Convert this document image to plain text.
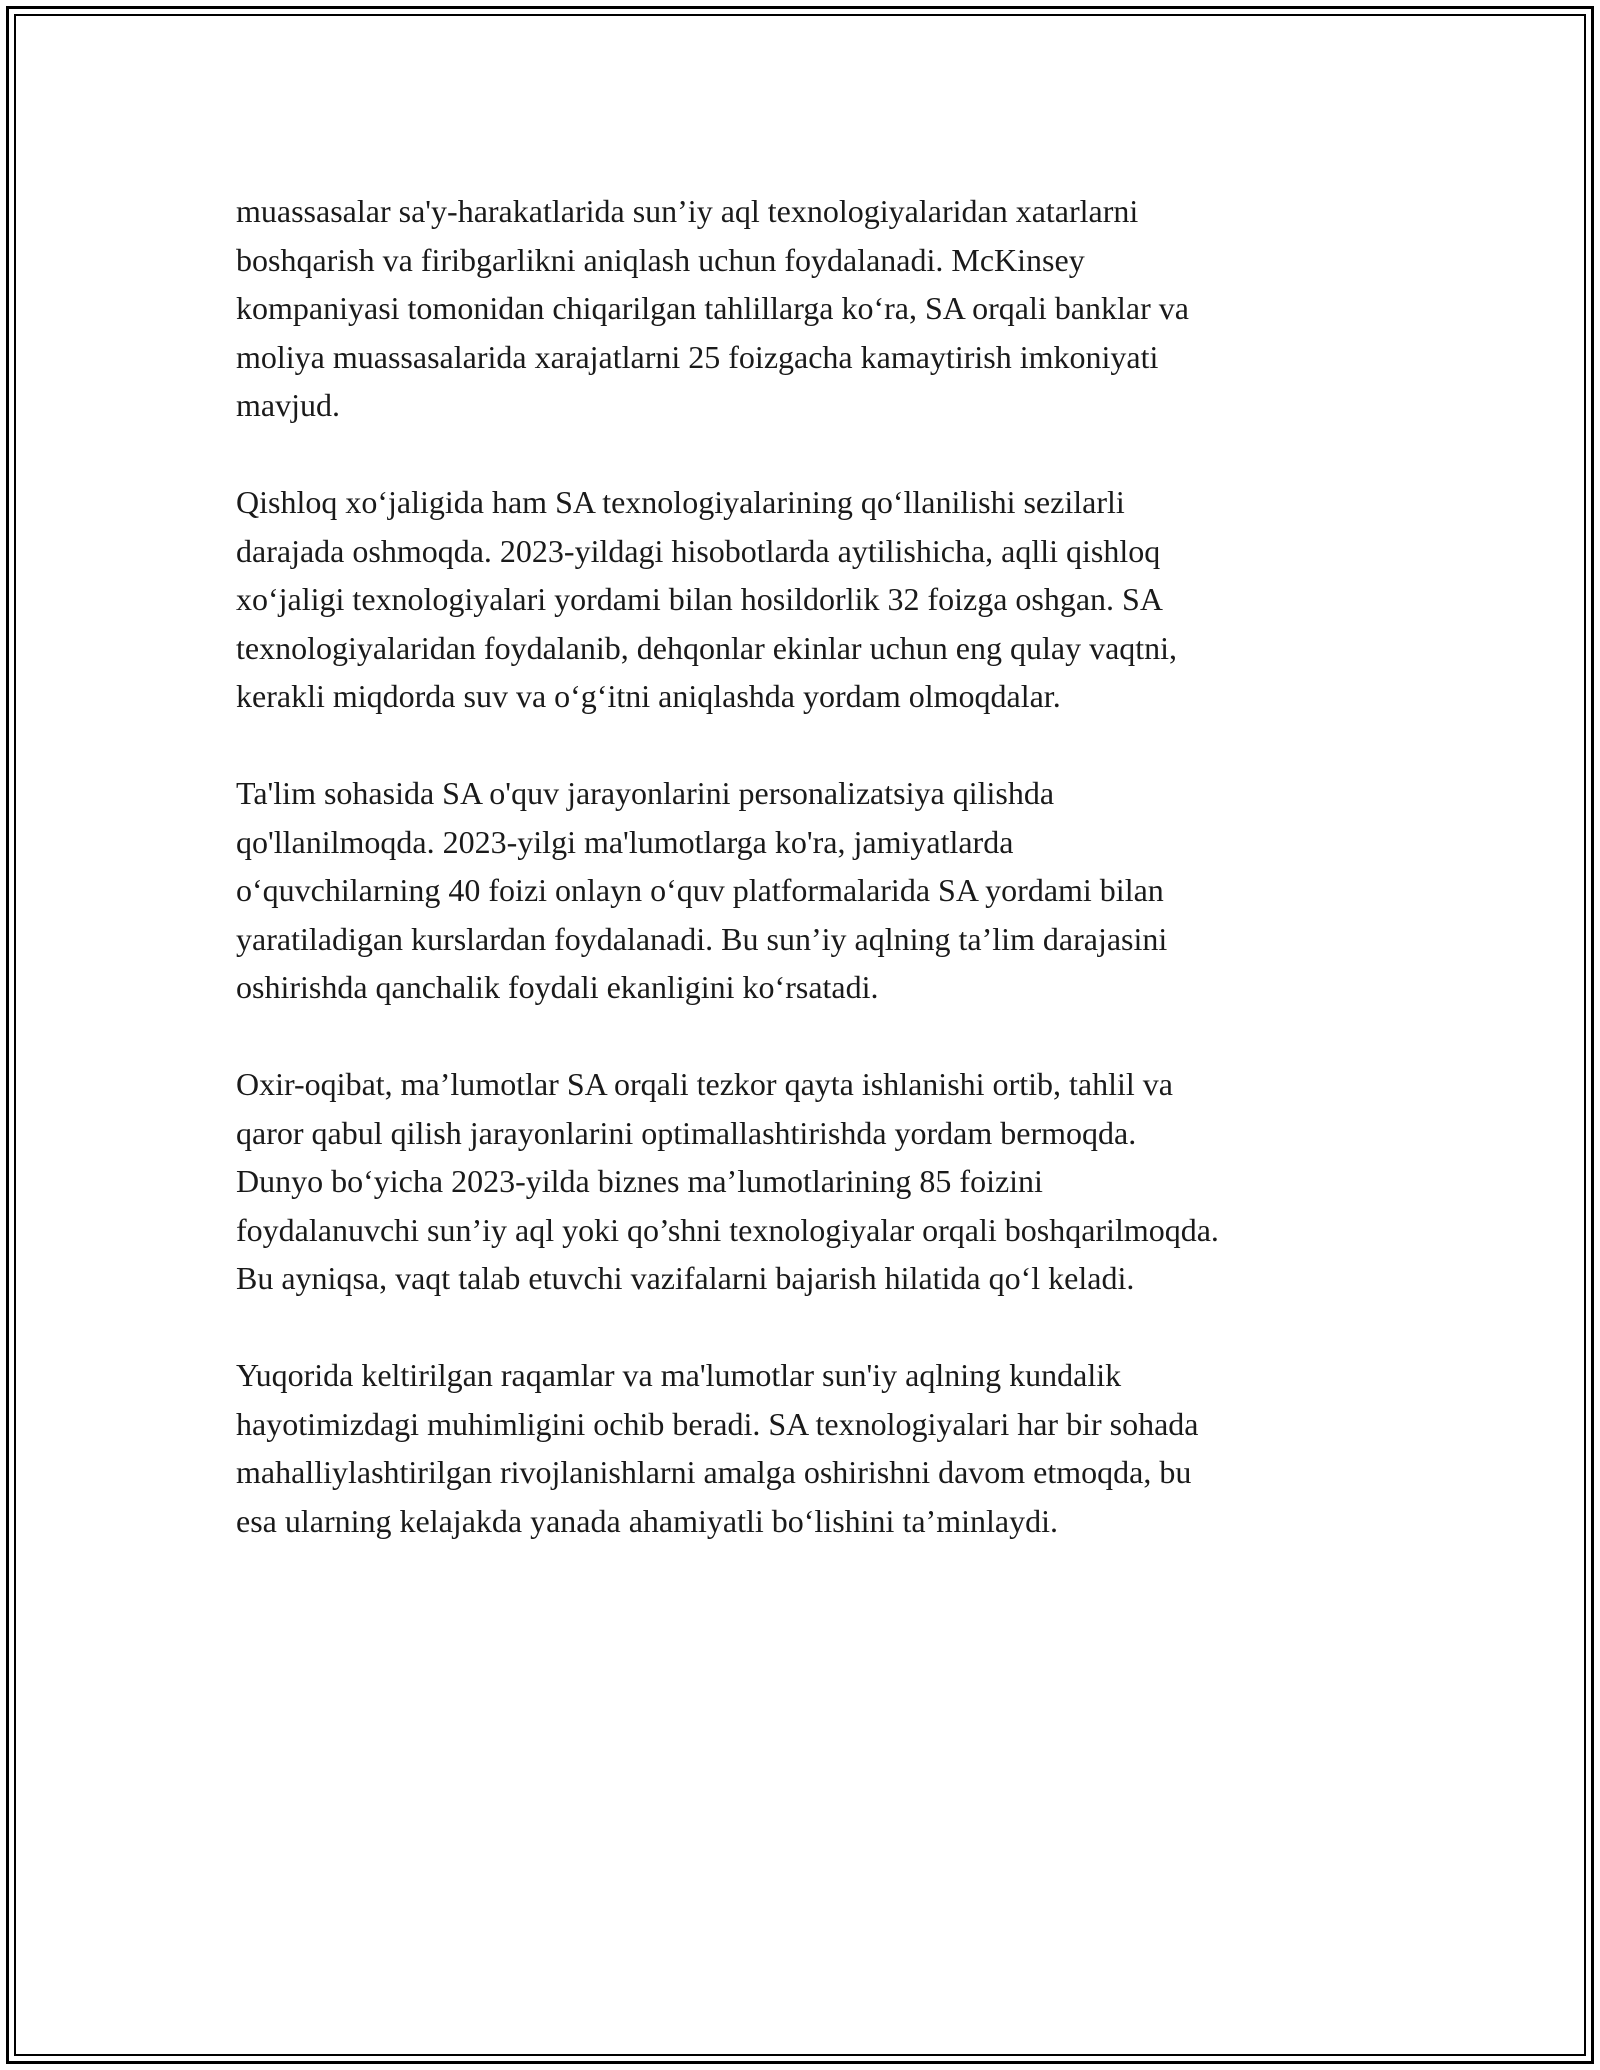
muassasalar sa'y-harakatlarida sun’iy aql texnologiyalaridan xatarlarni
boshqarish va firibgarlikni aniqlash uchun foydalanadi. McKinsey
kompaniyasi tomonidan chiqarilgan tahlillarga koʻra, SA orqali banklar va
moliya muassasalarida xarajatlarni 25 foizgacha kamaytirish imkoniyati
mavjud.

Qishloq xoʻjaligida ham SA texnologiyalarining qoʻllanilishi sezilarli
darajada oshmoqda. 2023-yildagi hisobotlarda aytilishicha, aqlli qishloq
xoʻjaligi texnologiyalari yordami bilan hosildorlik 32 foizga oshgan. SA
texnologiyalaridan foydalanib, dehqonlar ekinlar uchun eng qulay vaqtni,
kerakli miqdorda suv va oʻgʻitni aniqlashda yordam olmoqdalar.

Ta'lim sohasida SA o'quv jarayonlarini personalizatsiya qilishda
qo'llanilmoqda. 2023-yilgi ma'lumotlarga ko'ra, jamiyatlarda
oʻquvchilarning 40 foizi onlayn oʻquv platformalarida SA yordami bilan
yaratiladigan kurslardan foydalanadi. Bu sun’iy aqlning ta’lim darajasini
oshirishda qanchalik foydali ekanligini koʻrsatadi.

Oxir-oqibat, ma’lumotlar SA orqali tezkor qayta ishlanishi ortib, tahlil va
qaror qabul qilish jarayonlarini optimallashtirishda yordam bermoqda.
Dunyo boʻyicha 2023-yilda biznes ma’lumotlarining 85 foizini
foydalanuvchi sun’iy aql yoki qo’shni texnologiyalar orqali boshqarilmoqda.
Bu ayniqsa, vaqt talab etuvchi vazifalarni bajarish hilatida qoʻl keladi.

Yuqorida keltirilgan raqamlar va ma'lumotlar sun'iy aqlning kundalik
hayotimizdagi muhimligini ochib beradi. SA texnologiyalari har bir sohada
mahalliylashtirilgan rivojlanishlarni amalga oshirishni davom etmoqda, bu
esa ularning kelajakda yanada ahamiyatli boʻlishini ta’minlaydi.
